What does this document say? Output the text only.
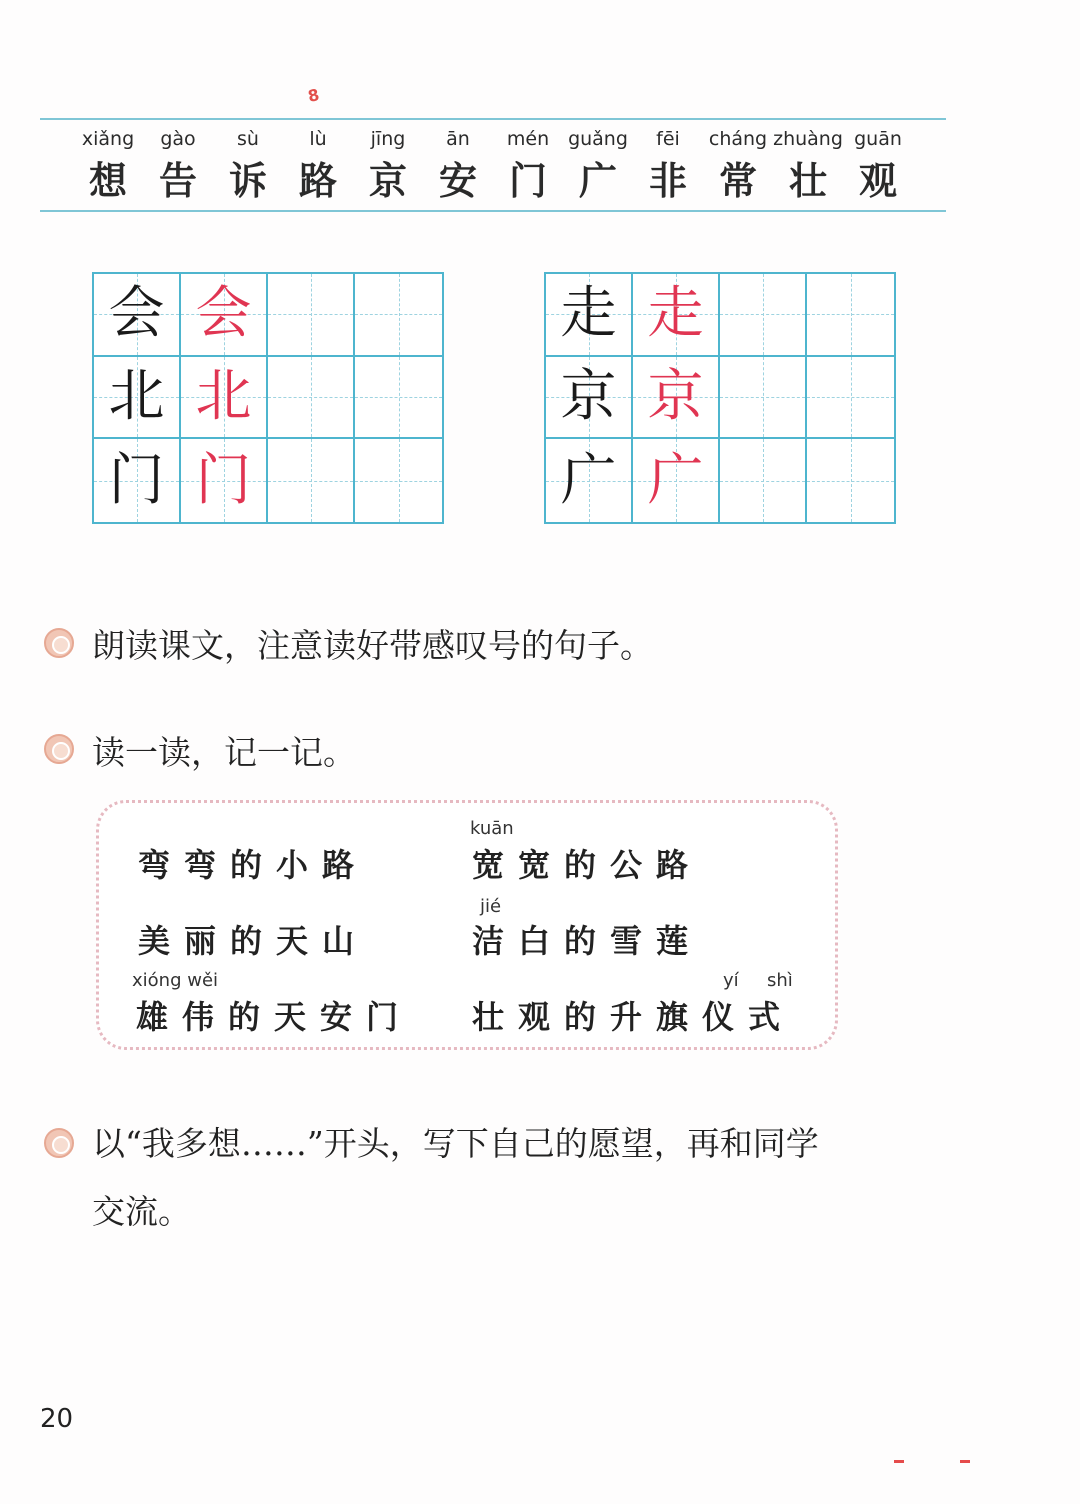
8
xiǎng
想
gào
告
sù
诉
lù
路
jīng
京
ān
安
mén
门
guǎng
广
fēi
非
cháng
常
zhuàng
壮
guān
观
会 会
北 北
门 门
走 走
京 京
广 广
朗读课文，注意读好带感叹号的句子。
读一读，记一记。
kuān
jié
xióng wěi	yí shì
弯弯的小路
美丽的天山
雄伟的天安门
宽宽的公路
洁白的雪莲
壮观的升旗仪式
以“我多想……”开头，写下自己的愿望，再和同学
交流。
20
